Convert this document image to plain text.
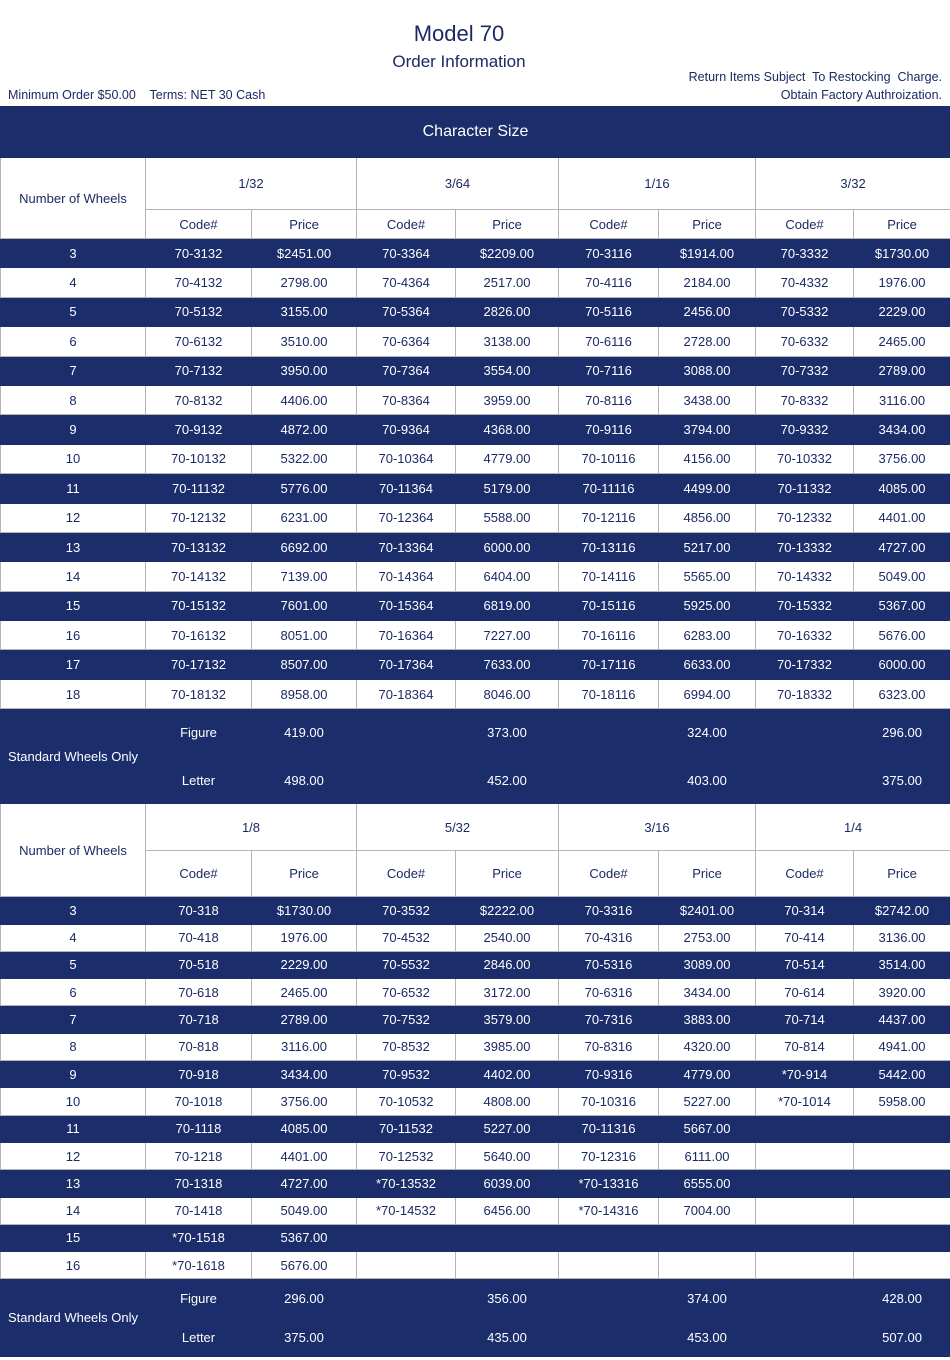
Model 70
Order Information
Minimum Order $50.00    Terms: NET 30 Cash
Return Items Subject  To Restocking  Charge.
Obtain Factory Authroization.
Character Size								
Number of Wheels	1/32		3/64		1/16		3/32	
	Code#	Price	Code#	Price	Code#	Price	Code#	Price
3	70-3132	$2451.00	70-3364	$2209.00	70-3116	$1914.00	70-3332	$1730.00
4	70-4132	2798.00	70-4364	2517.00	70-4116	2184.00	70-4332	1976.00
5	70-5132	3155.00	70-5364	2826.00	70-5116	2456.00	70-5332	2229.00
6	70-6132	3510.00	70-6364	3138.00	70-6116	2728.00	70-6332	2465.00
7	70-7132	3950.00	70-7364	3554.00	70-7116	3088.00	70-7332	2789.00
8	70-8132	4406.00	70-8364	3959.00	70-8116	3438.00	70-8332	3116.00
9	70-9132	4872.00	70-9364	4368.00	70-9116	3794.00	70-9332	3434.00
10	70-10132	5322.00	70-10364	4779.00	70-10116	4156.00	70-10332	3756.00
11	70-11132	5776.00	70-11364	5179.00	70-11116	4499.00	70-11332	4085.00
12	70-12132	6231.00	70-12364	5588.00	70-12116	4856.00	70-12332	4401.00
13	70-13132	6692.00	70-13364	6000.00	70-13116	5217.00	70-13332	4727.00
14	70-14132	7139.00	70-14364	6404.00	70-14116	5565.00	70-14332	5049.00
15	70-15132	7601.00	70-15364	6819.00	70-15116	5925.00	70-15332	5367.00
16	70-16132	8051.00	70-16364	7227.00	70-16116	6283.00	70-16332	5676.00
17	70-17132	8507.00	70-17364	7633.00	70-17116	6633.00	70-17332	6000.00
18	70-18132	8958.00	70-18364	8046.00	70-18116	6994.00	70-18332	6323.00
Standard Wheels Only	Figure	419.00		373.00		324.00		296.00
	Letter	498.00		452.00		403.00		375.00
Number of Wheels	1/8		5/32		3/16		1/4	
	Code#	Price	Code#	Price	Code#	Price	Code#	Price
3	70-318	$1730.00	70-3532	$2222.00	70-3316	$2401.00	70-314	$2742.00
4	70-418	1976.00	70-4532	2540.00	70-4316	2753.00	70-414	3136.00
5	70-518	2229.00	70-5532	2846.00	70-5316	3089.00	70-514	3514.00
6	70-618	2465.00	70-6532	3172.00	70-6316	3434.00	70-614	3920.00
7	70-718	2789.00	70-7532	3579.00	70-7316	3883.00	70-714	4437.00
8	70-818	3116.00	70-8532	3985.00	70-8316	4320.00	70-814	4941.00
9	70-918	3434.00	70-9532	4402.00	70-9316	4779.00	*70-914	5442.00
10	70-1018	3756.00	70-10532	4808.00	70-10316	5227.00	*70-1014	5958.00
11	70-1118	4085.00	70-11532	5227.00	70-11316	5667.00		
12	70-1218	4401.00	70-12532	5640.00	70-12316	6111.00		
13	70-1318	4727.00	*70-13532	6039.00	*70-13316	6555.00		
14	70-1418	5049.00	*70-14532	6456.00	*70-14316	7004.00		
15	*70-1518	5367.00						
16	*70-1618	5676.00						
Standard Wheels Only	Figure	296.00		356.00		374.00		428.00
	Letter	375.00		435.00		453.00		507.00
